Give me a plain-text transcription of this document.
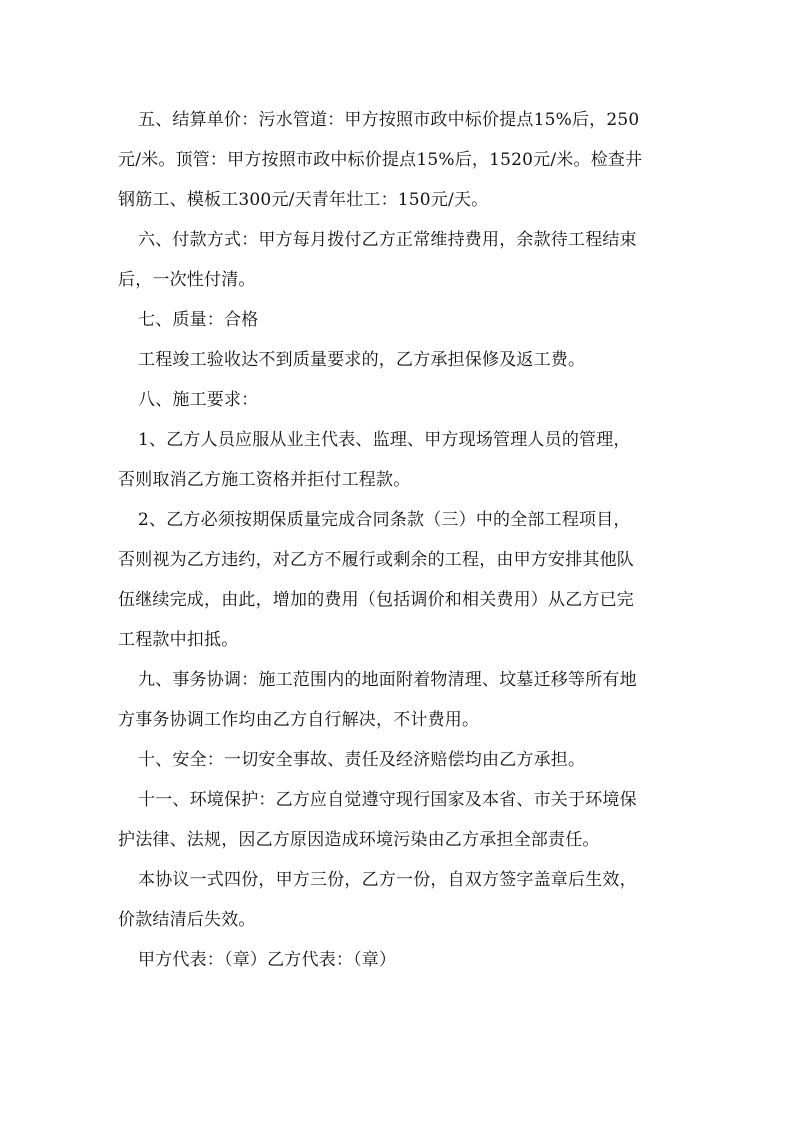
五、结算单价：污水管道：甲方按照市政中标价提点15%后，250
元/米。顶管：甲方按照市政中标价提点15%后，1520元/米。检查井
钢筋工、模板工300元/天青年壮工：150元/天。
六、付款方式：甲方每月拨付乙方正常维持费用，余款待工程结束
后，一次性付清。
七、质量：合格
工程竣工验收达不到质量要求的，乙方承担保修及返工费。
八、施工要求：
1、乙方人员应服从业主代表、监理、甲方现场管理人员的管理，
否则取消乙方施工资格并拒付工程款。
2、乙方必须按期保质量完成合同条款（三）中的全部工程项目，
否则视为乙方违约，对乙方不履行或剩余的工程，由甲方安排其他队
伍继续完成，由此，增加的费用（包括调价和相关费用）从乙方已完
工程款中扣抵。
九、事务协调：施工范围内的地面附着物清理、坟墓迁移等所有地
方事务协调工作均由乙方自行解决，不计费用。
十、安全：一切安全事故、责任及经济赔偿均由乙方承担。
十一、环境保护：乙方应自觉遵守现行国家及本省、市关于环境保
护法律、法规，因乙方原因造成环境污染由乙方承担全部责任。
本协议一式四份，甲方三份，乙方一份，自双方签字盖章后生效，
价款结清后失效。
甲方代表：（章）乙方代表：（章）
